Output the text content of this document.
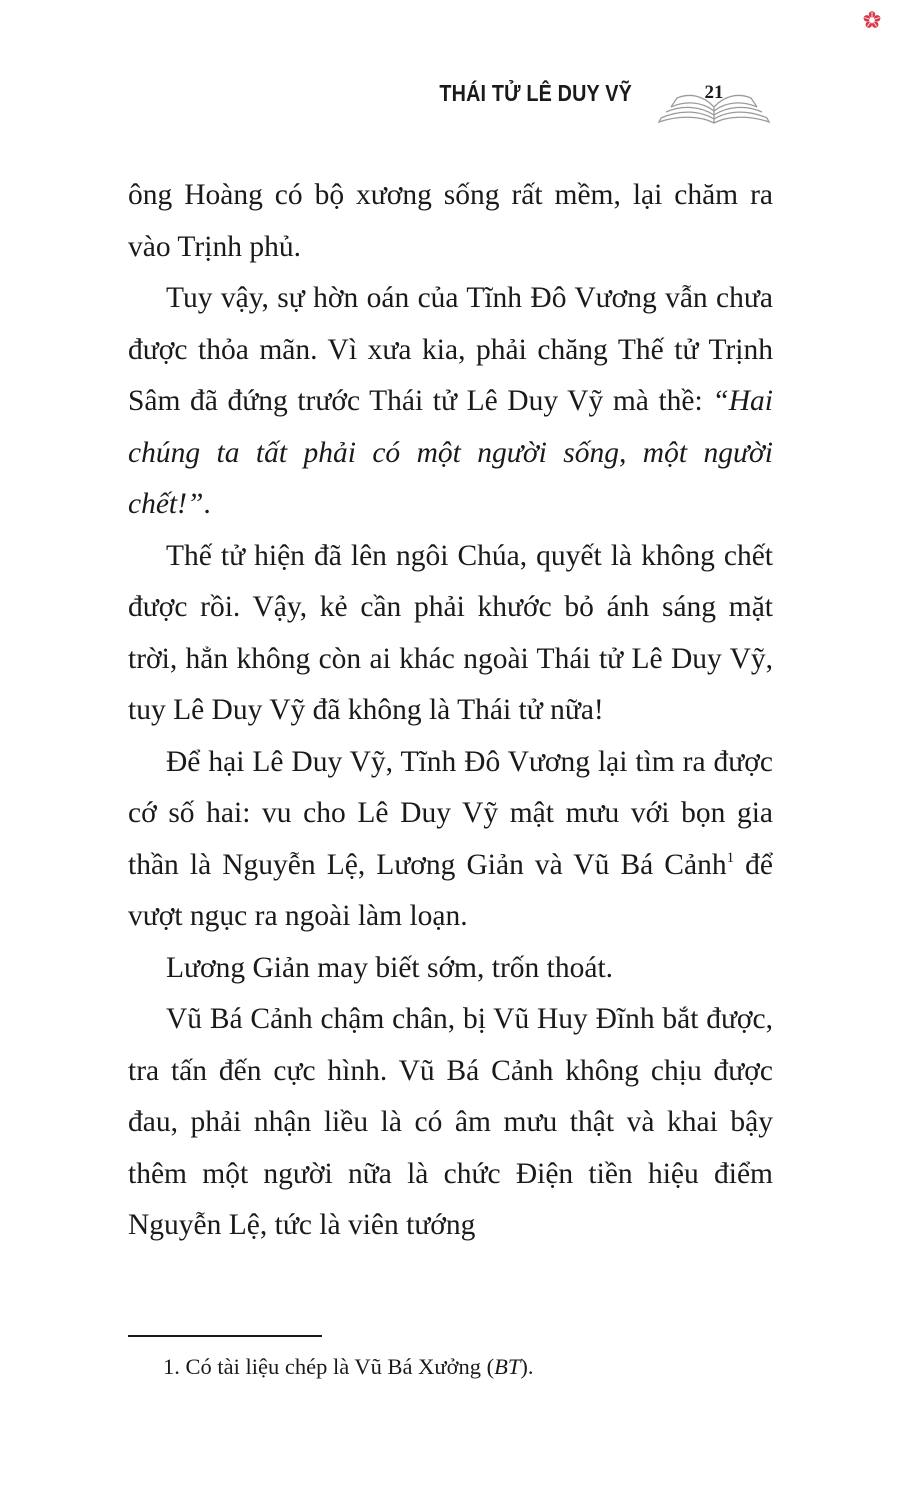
THÁI TỬ LÊ DUY VỸ	21

ông Hoàng có bộ xương sống rất mềm, lại chăm ra vào Trịnh phủ.

Tuy vậy, sự hờn oán của Tĩnh Đô Vương vẫn chưa được thỏa mãn. Vì xưa kia, phải chăng Thế tử Trịnh Sâm đã đứng trước Thái tử Lê Duy Vỹ mà thề: “Hai chúng ta tất phải có một người sống, một người chết!”.

Thế tử hiện đã lên ngôi Chúa, quyết là không chết được rồi. Vậy, kẻ cần phải khước bỏ ánh sáng mặt trời, hẳn không còn ai khác ngoài Thái tử Lê Duy Vỹ, tuy Lê Duy Vỹ đã không là Thái tử nữa!

Để hại Lê Duy Vỹ, Tĩnh Đô Vương lại tìm ra được cớ số hai: vu cho Lê Duy Vỹ mật mưu với bọn gia thần là Nguyễn Lệ, Lương Giản và Vũ Bá Cảnh$^1$ để vượt ngục ra ngoài làm loạn.

Lương Giản may biết sớm, trốn thoát.

Vũ Bá Cảnh chậm chân, bị Vũ Huy Đĩnh bắt được, tra tấn đến cực hình. Vũ Bá Cảnh không chịu được đau, phải nhận liều là có âm mưu thật và khai bậy thêm một người nữa là chức Điện tiền hiệu điểm Nguyễn Lệ, tức là viên tướng

1. Có tài liệu chép là Vũ Bá Xưởng (BT).
